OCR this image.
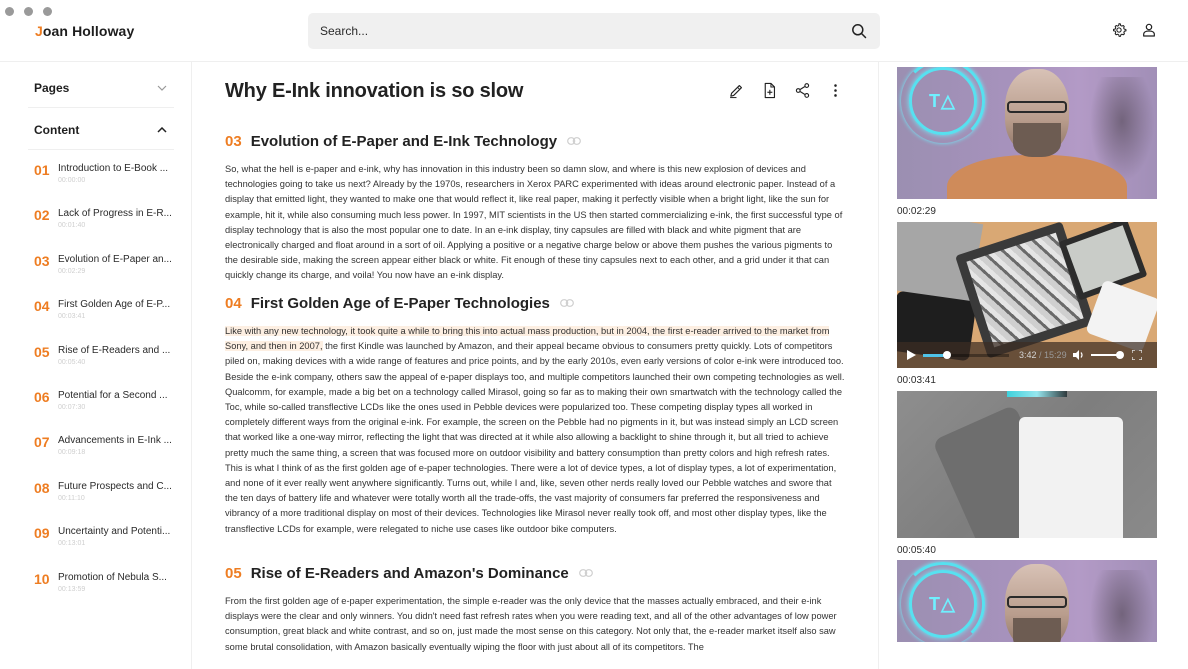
Joan Holloway
Search...
Pages
Content
01 Introduction to E-Book ...
00:00:00
02 Lack of Progress in E-R...
00:01:40
03 Evolution of E-Paper an...
00:02:29
04 First Golden Age of E-P...
00:03:41
05 Rise of E-Readers and ...
00:05:40
06 Potential for a Second ...
00:07:30
07 Advancements in E-Ink ...
00:09:18
08 Future Prospects and C...
00:11:10
09 Uncertainty and Potenti...
00:13:01
10 Promotion of Nebula S...
00:13:59
Why E-Ink innovation is so slow
03 Evolution of E-Paper and E-Ink Technology

So, what the hell is e-paper and e-ink, why has innovation in this industry been so damn slow, and where is this new explosion of devices and technologies going to take us next? Already by the 1970s, researchers in Xerox PARC experimented with ideas around electronic paper. Instead of a display that emitted light, they wanted to make one that would reflect it, like real paper, making it perfectly visible when a bright light, like the sun for example, hit it, while also consuming much less power. In 1997, MIT scientists in the US then started commercializing e-ink, the first successful type of display technology that is also the most popular one to date. In an e-ink display, tiny capsules are filled with black and white pigment that are electronically charged and float around in a sort of oil. Applying a positive or a negative charge below or above them pushes the various pigments to the desirable side, making the screen appear either black or white. Fit enough of these tiny capsules next to each other, and a grid under it that can quickly change its charge, and voila! You now have an e-ink display.

04 First Golden Age of E-Paper Technologies

Like with any new technology, it took quite a while to bring this into actual mass production, but in 2004, the first e-reader arrived to the market from Sony, and then in 2007, the first Kindle was launched by Amazon, and their appeal became obvious to consumers pretty quickly. Lots of competitors piled on, making devices with a wide range of features and price points, and by the early 2010s, even early versions of color e-ink were introduced too. Beside the e-ink company, others saw the appeal of e-paper displays too, and multiple competitors launched their own competing technologies as well. Qualcomm, for example, made a big bet on a technology called Mirasol, going so far as to making their own smartwatch with the technology called the Toc, while so-called transflective LCDs like the ones used in Pebble devices were popularized too. These competing display types all worked in completely different ways from the original e-ink. For example, the screen on the Pebble had no pigments in it, but was instead simply an LCD screen that worked like a one-way mirror, reflecting the light that was directed at it while also allowing a backlight to shine through it, but all tried to achieve pretty much the same thing, a screen that was focused more on outdoor visibility and battery consumption than pretty colors and high refresh rates. This is what I think of as the first golden age of e-paper technologies. There were a lot of device types, a lot of display types, a lot of experimentation, and none of it ever really went anywhere significantly. Turns out, while I and, like, seven other nerds really loved our Pebble watches and swore that the ten days of battery life and whatever were totally worth all the trade-offs, the vast majority of consumers far preferred the responsiveness and vibrancy of a more traditional display on most of their devices. Technologies like Mirasol never really took off, and most other display types, like the transflective LCDs for example, were relegated to niche use cases like outdoor bike computers.

05 Rise of E-Readers and Amazon's Dominance

From the first golden age of e-paper experimentation, the simple e-reader was the only device that the masses actually embraced, and their e-ink displays were the clear and only winners. You didn't need fast refresh rates when you were reading text, and all of the other advantages of low power consumption, great black and white contrast, and so on, just made the most sense on this category. Not only that, the e-reader market itself also saw some brutal consolidation, with Amazon basically eventually wiping the floor with just about all of its competitors. The

T△
00:02:29
3:42 / 15:29
00:03:41
00:05:40
T△
